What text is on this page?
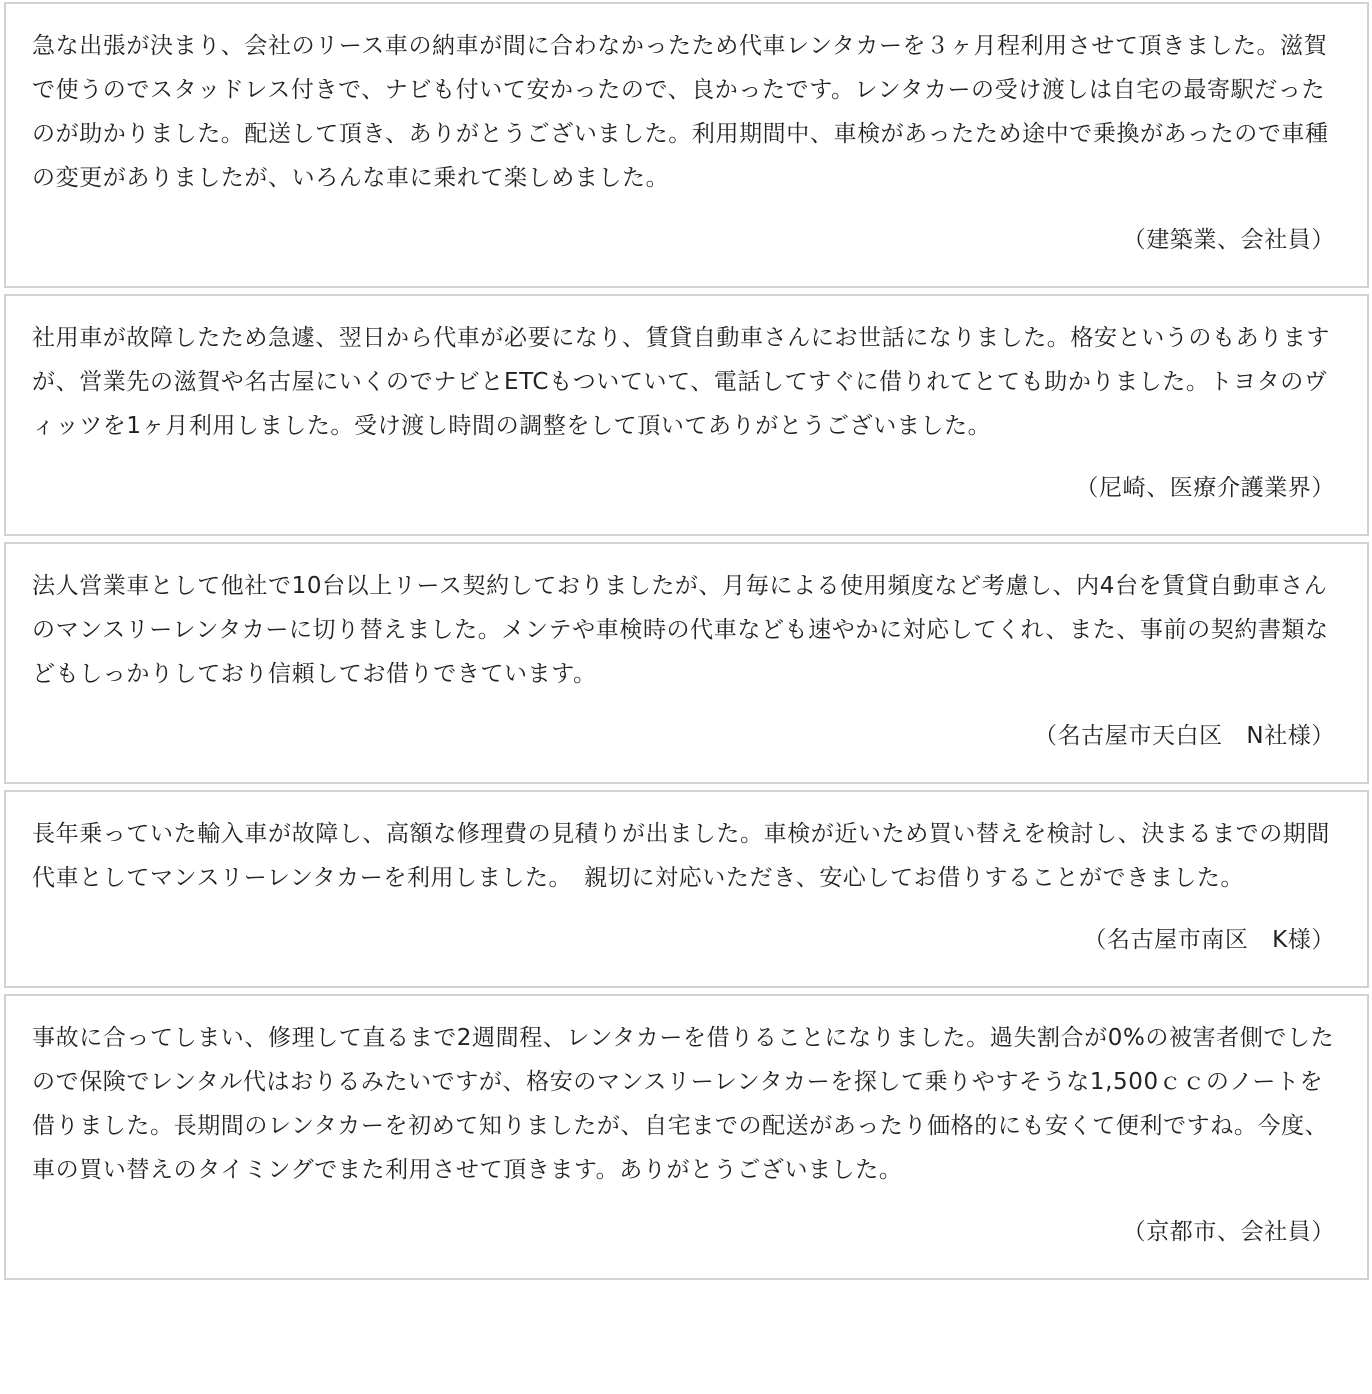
急な出張が決まり、会社のリース車の納車が間に合わなかったため代車レンタカーを３ヶ月程利用させて頂きました。滋賀で使うのでスタッドレス付きで、ナビも付いて安かったので、良かったです。レンタカーの受け渡しは自宅の最寄駅だったのが助かりました。配送して頂き、ありがとうございました。利用期間中、車検があったため途中で乗換があったので車種の変更がありましたが、いろんな車に乗れて楽しめました。

（建築業、会社員）

社用車が故障したため急遽、翌日から代車が必要になり、賃貸自動車さんにお世話になりました。格安というのもありますが、営業先の滋賀や名古屋にいくのでナビとETCもついていて、電話してすぐに借りれてとても助かりました。トヨタのヴィッツを1ヶ月利用しました。受け渡し時間の調整をして頂いてありがとうございました。

（尼崎、医療介護業界）

法人営業車として他社で10台以上リース契約しておりましたが、月毎による使用頻度など考慮し、内4台を賃貸自動車さんのマンスリーレンタカーに切り替えました。メンテや車検時の代車なども速やかに対応してくれ、また、事前の契約書類などもしっかりしており信頼してお借りできています。

（名古屋市天白区　N社様）

長年乗っていた輸入車が故障し、高額な修理費の見積りが出ました。車検が近いため買い替えを検討し、決まるまでの期間　代車としてマンスリーレンタカーを利用しました。　親切に対応いただき、安心してお借りすることができました。

（名古屋市南区　K様）

事故に合ってしまい、修理して直るまで2週間程、レンタカーを借りることになりました。過失割合が0%の被害者側でしたので保険でレンタル代はおりるみたいですが、格安のマンスリーレンタカーを探して乗りやすそうな1,500ｃｃのノートを借りました。長期間のレンタカーを初めて知りましたが、自宅までの配送があったり価格的にも安くて便利ですね。今度、車の買い替えのタイミングでまた利用させて頂きます。ありがとうございました。

（京都市、会社員）
